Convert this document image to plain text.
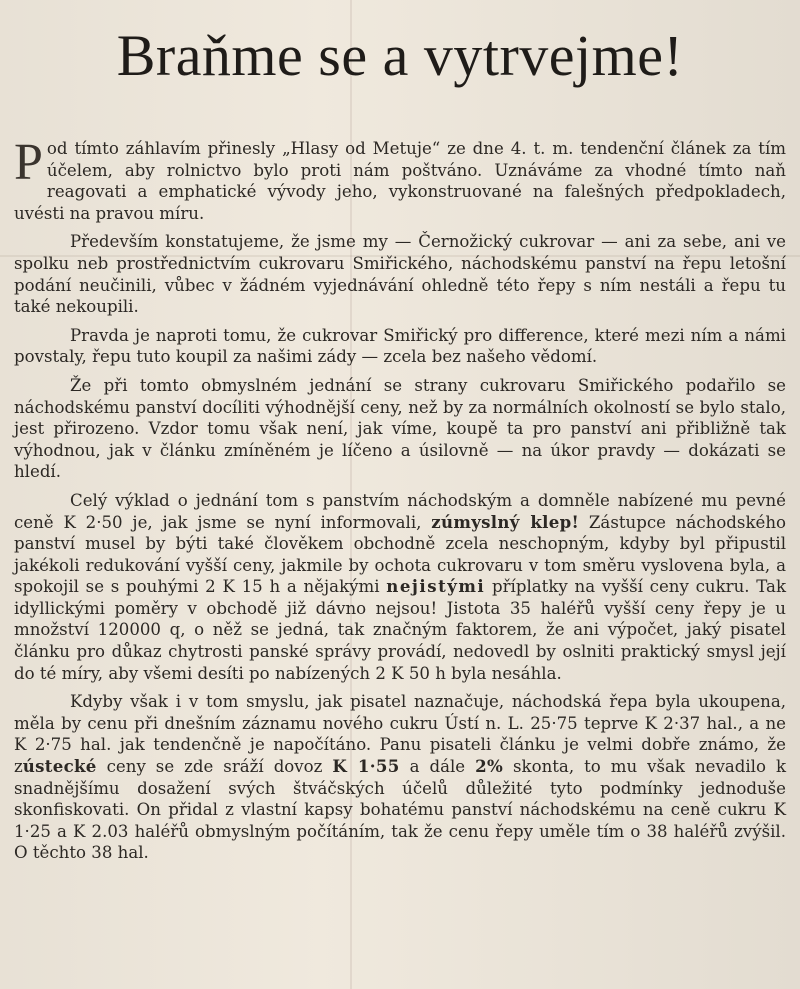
Braňme se a vytrvejme!

Pod tímto záhlavím přinesly „Hlasy od Metuje“ ze dne 4. t. m. tendenční článek za tím účelem, aby rolnictvo bylo proti nám poštváno. Uznáváme za vhodné tímto naň reagovati a emphatické vývody jeho, vykonstruované na falešných předpokladech, uvésti na pravou míru.

Především konstatujeme, že jsme my — Černožický cukrovar — ani za sebe, ani ve spolku neb prostřednictvím cukrovaru Smiřického, náchodskému panství na řepu letošní podání neučinili, vůbec v žádném vyjednávání ohledně této řepy s ním nestáli a řepu tu také nekoupili.

Pravda je naproti tomu, že cukrovar Smiřický pro differencе, které mezi ním a námi povstaly, řepu tuto koupil za našimi zády — zcela bez našeho vědomí.

Že při tomto obmyslném jednání se strany cukrovaru Smiřického podařilo se náchodskému panství docíliti výhodnější ceny, než by za normálních okolností se bylo stalo, jest přirozeno. Vzdor tomu však není, jak víme, koupě ta pro panství ani přibližně tak výhodnou, jak v článku zmíněném je líčeno a úsilovně — na úkor pravdy — dokázati se hledí.

Celý výklad o jednání tom s panstvím náchodským a domněle nabízené mu pevné ceně K 2·50 je, jak jsme se nyní informovali, zúmyslný klep! Zástupce náchodského panství musel by býti také člověkem obchodně zcela neschopným, kdyby byl připustil jakékoli redukování vyšší ceny, jakmile by ochota cukrovaru v tom směru vyslovena byla, a spokojil se s pouhými 2 K 15 h a nějakými nejistými příplatky na vyšší ceny cukru. Tak idyllickými poměry v obchodě již dávno nejsou! Jistota 35 haléřů vyšší ceny řepy je u množství 120000 q, o něž se jedná, tak značným faktorem, že ani výpočet, jaký pisatel článku pro důkaz chytrosti panské správy provádí, nedovedl by oslniti praktický smysl její do té míry, aby všemi desíti po nabízených 2 K 50 h byla nesáhla.

Kdyby však i v tom smyslu, jak pisatel naznačuje, náchodská řepa byla ukoupena, měla by cenu při dnešním záznamu nového cukru Ústí n. L. 25·75 teprve K 2·37 hal., a ne K 2·75 hal. jak tendenčně je napočítáno. Panu pisateli článku je velmi dobře známo, že zústecké ceny se zde sráží dovoz K 1·55 a dále 2% skonta, to mu však nevadilo k snadnějšímu dosažení svých štváčských účelů důležité tyto podmínky jednoduše skonfiskovati. On přidal z vlastní kapsy bohatému panství náchodskému na ceně cukru K 1·25 a K 2.03 haléřů obmyslným počítáním, tak že cenu řepy uměle tím o 38 haléřů zvýšil. O těchto 38 hal.
